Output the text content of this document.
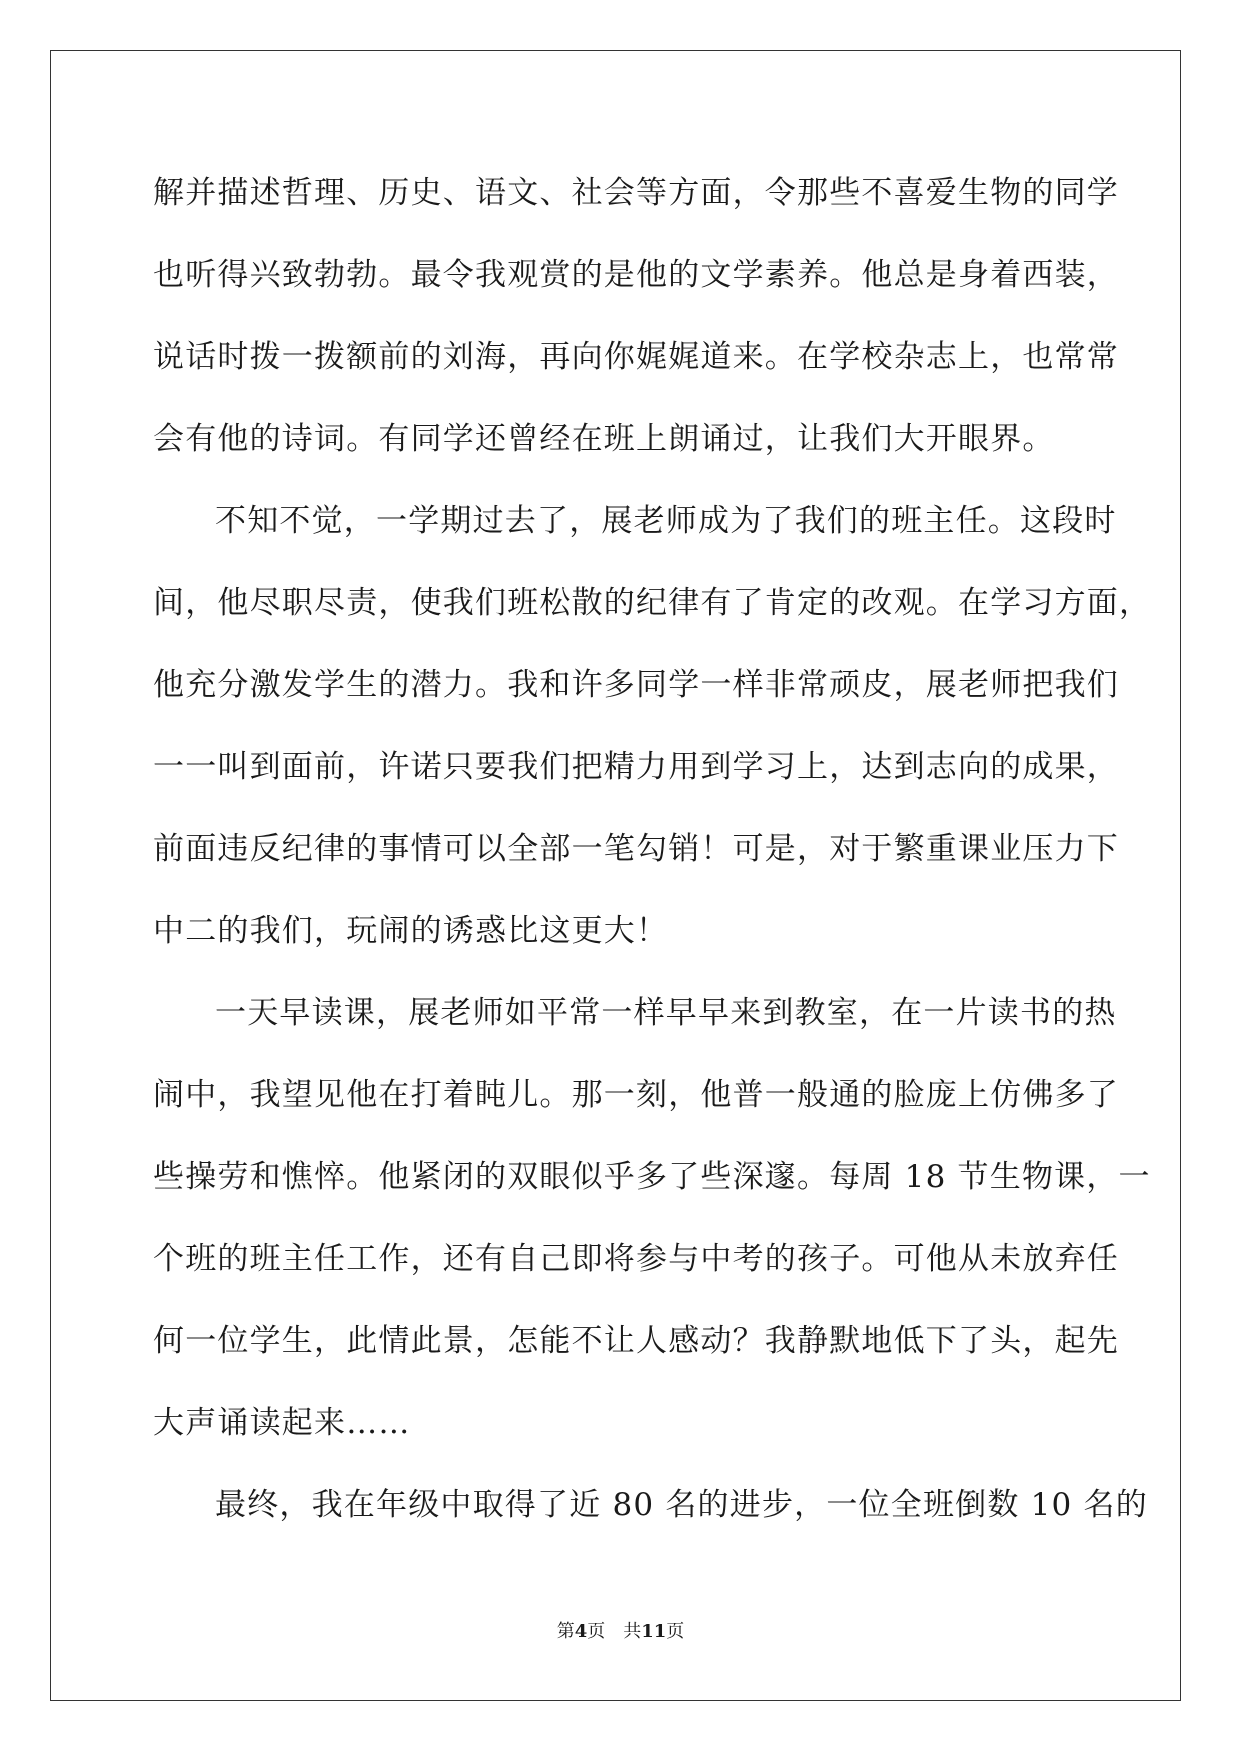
解并描述哲理、历史、语文、社会等方面，令那些不喜爱生物的同学
也听得兴致勃勃。最令我观赏的是他的文学素养。他总是身着西装，
说话时拨一拨额前的刘海，再向你娓娓道来。在学校杂志上，也常常
会有他的诗词。有同学还曾经在班上朗诵过，让我们大开眼界。
不知不觉，一学期过去了，展老师成为了我们的班主任。这段时
间，他尽职尽责，使我们班松散的纪律有了肯定的改观。在学习方面，
他充分激发学生的潜力。我和许多同学一样非常顽皮，展老师把我们
一一叫到面前，许诺只要我们把精力用到学习上，达到志向的成果，
前面违反纪律的事情可以全部一笔勾销！可是，对于繁重课业压力下
中二的我们，玩闹的诱惑比这更大！
一天早读课，展老师如平常一样早早来到教室，在一片读书的热
闹中，我望见他在打着盹儿。那一刻，他普一般通的脸庞上仿佛多了
些操劳和憔悴。他紧闭的双眼似乎多了些深邃。每周 18 节生物课，一
个班的班主任工作，还有自己即将参与中考的孩子。可他从未放弃任
何一位学生，此情此景，怎能不让人感动？我静默地低下了头，起先
大声诵读起来……
最终，我在年级中取得了近 80 名的进步，一位全班倒数 10 名的
第4页 共11页
